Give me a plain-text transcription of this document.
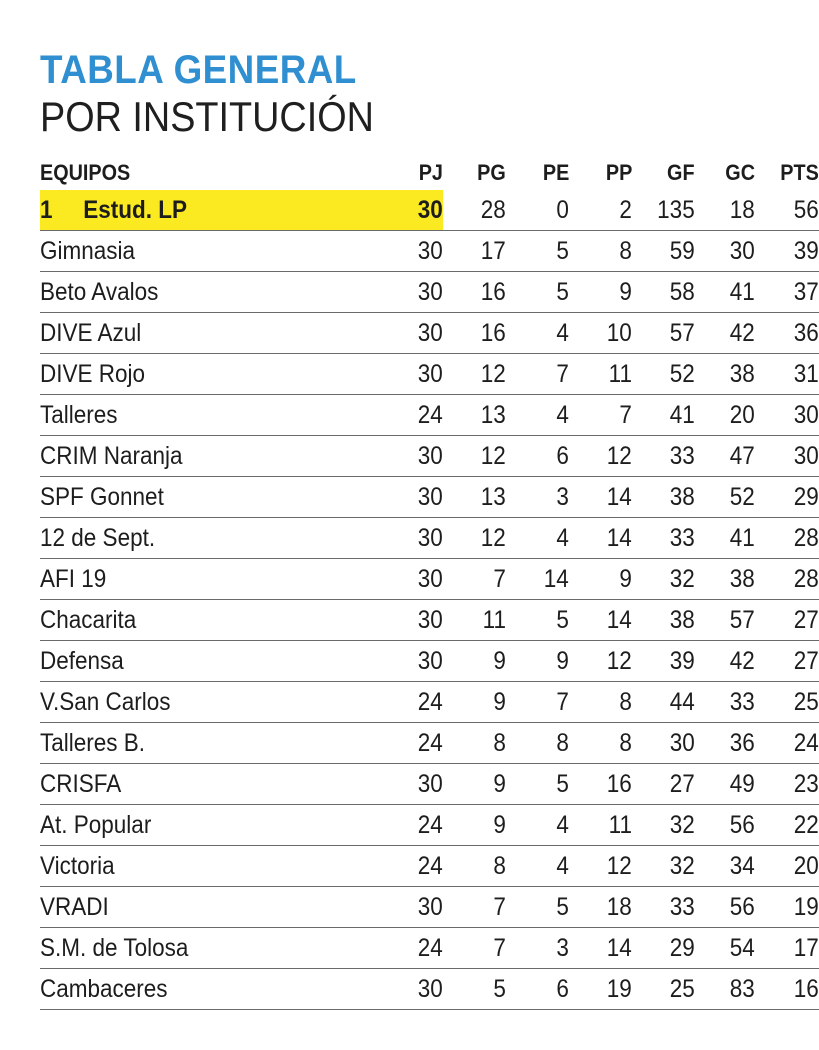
TABLA GENERAL
POR INSTITUCIÓN
EQUIPOS	PJ	PG	PE	PP	GF	GC	PTS
1 Estud. LP	30	28	0	2	135	18	56
Gimnasia	30	17	5	8	59	30	39
Beto Avalos	30	16	5	9	58	41	37
DIVE Azul	30	16	4	10	57	42	36
DIVE Rojo	30	12	7	11	52	38	31
Talleres	24	13	4	7	41	20	30
CRIM Naranja	30	12	6	12	33	47	30
SPF Gonnet	30	13	3	14	38	52	29
12 de Sept.	30	12	4	14	33	41	28
AFI 19	30	7	14	9	32	38	28
Chacarita	30	11	5	14	38	57	27
Defensa	30	9	9	12	39	42	27
V.San Carlos	24	9	7	8	44	33	25
Talleres B.	24	8	8	8	30	36	24
CRISFA	30	9	5	16	27	49	23
At. Popular	24	9	4	11	32	56	22
Victoria	24	8	4	12	32	34	20
VRADI	30	7	5	18	33	56	19
S.M. de Tolosa	24	7	3	14	29	54	17
Cambaceres	30	5	6	19	25	83	16
